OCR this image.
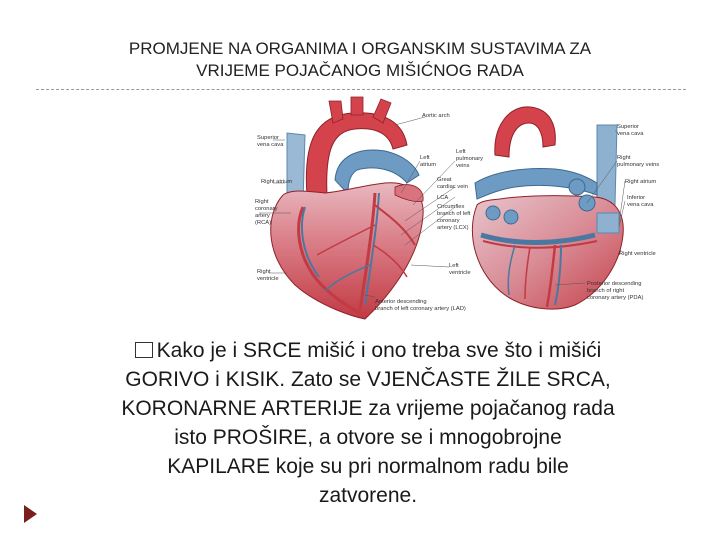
PROMJENE NA ORGANIMA I ORGANSKIM SUSTAVIMA ZA
VRIJEME POJAČANOG MIŠIĆNOG RADA
Aortic arch
Superior
vena cava
Right atrium
Right
coronary
artery
(RCA)
Left
atrium
Left
pulmonary
veins
Great
cardiac vein
LCA
Circumflex
branch of left
coronary
artery (LCX)
Left
ventricle
Right
ventricle
Anterior descending
branch of left coronary artery (LAD)
Superior
vena cava
Right
pulmonary veins
Right atrium
Inferior
vena cava
Right ventricle
Posterior descending
branch of right
coronary artery (PDA)
Kako je i SRCE mišić i ono treba sve što i mišići
GORIVO i KISIK. Zato se VJENČASTE ŽILE SRCA,
KORONARNE ARTERIJE za vrijeme pojačanog rada
isto PROŠIRE, a otvore se i mnogobrojne
KAPILARE koje su pri normalnom radu bile
zatvorene.
